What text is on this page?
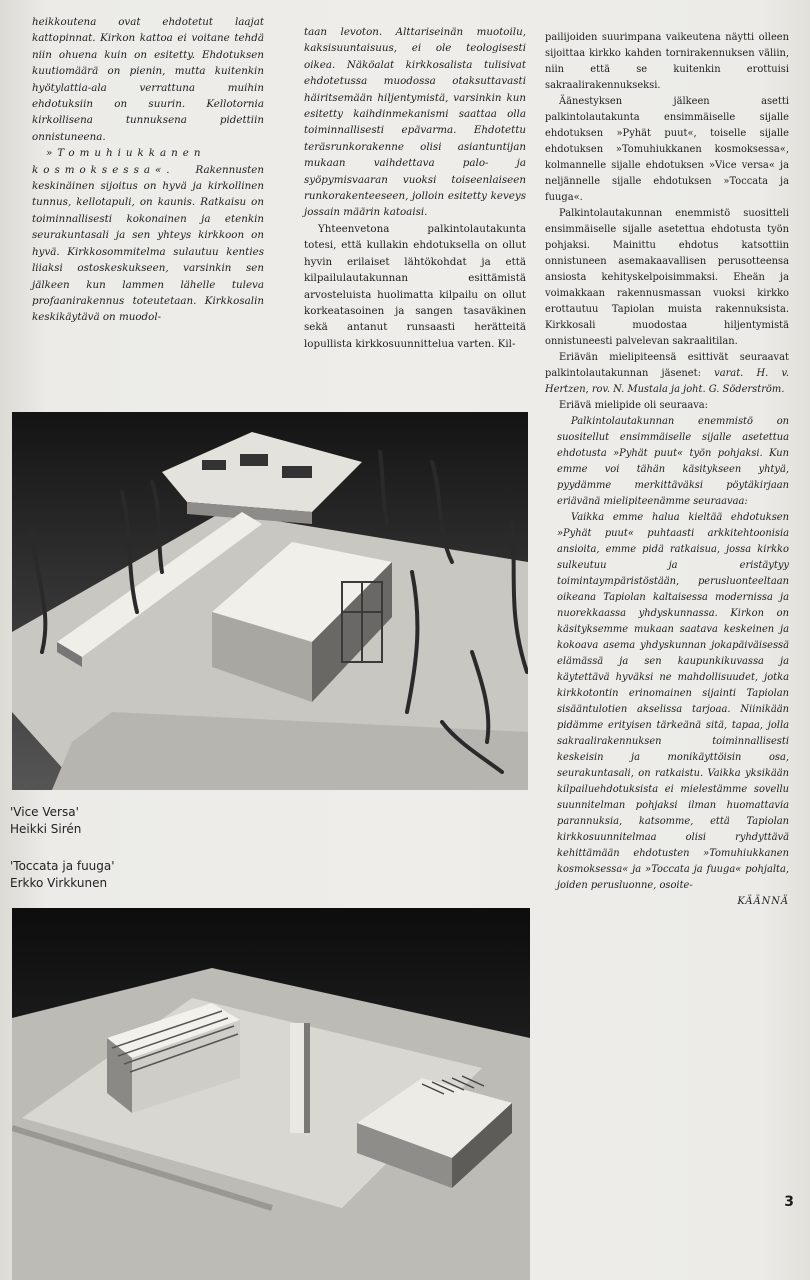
heikkoutena ovat ehdotetut laajat kattopinnat. Kirkon kattoa ei voitane tehdä niin ohuena kuin on esitetty. Ehdotuksen kuutiomäärä on pienin, mutta kuitenkin hyötylattia-ala verrattuna muihin ehdotuksiin on suurin. Kellotornia kirkollisena tunnuksena pidettiin onnistuneena.

»Tomuhiukkanen kosmoksessa«. Rakennusten keskinäinen sijoitus on hyvä ja kirkollinen tunnus, kellotapuli, on kaunis. Ratkaisu on toiminnallisesti kokonainen ja etenkin seurakuntasali ja sen yhteys kirkkoon on hyvä. Kirkkosommitelma sulautuu kenties liiaksi ostoskeskukseen, varsinkin sen jälkeen kun lammen lähelle tuleva profaanirakennus toteutetaan. Kirkkosalin keskikäytävä on muodol-

taan levoton. Alttariseinän muotoilu, kaksisuuntaisuus, ei ole teologisesti oikea. Näköalat kirkkosalista tulisivat ehdotetussa muodossa otaksuttavasti häiritsemään hiljentymistä, varsinkin kun esitetty kaihdinmekanismi saattaa olla toiminnallisesti epävarma. Ehdotettu teräsrunkorakenne olisi asiantuntijan mukaan vaihdettava palo- ja syöpymisvaaran vuoksi toiseenlaiseen runkorakenteeseen, jolloin esitetty keveys jossain määrin katoaisi.

Yhteenvetona palkintolautakunta totesi, että kullakin ehdotuksella on ollut hyvin erilaiset lähtökohdat ja että kilpailulautakunnan esittämistä arvosteluista huolimatta kilpailu on ollut korkeatasoinen ja sangen tasaväkinen sekä antanut runsaasti herätteitä lopullista kirkkosuunnittelua varten. Kil-

pailijoiden suurimpana vaikeutena näytti olleen sijoittaa kirkko kahden tornirakennuksen väliin, niin että se kuitenkin erottuisi sakraalirakennukseksi.

Äänestyksen jälkeen asetti palkintolautakunta ensimmäiselle sijalle ehdotuksen »Pyhät puut«, toiselle sijalle ehdotuksen »Tomuhiukkanen kosmoksessa«, kolmannelle sijalle ehdotuksen »Vice versa« ja neljännelle sijalle ehdotuksen »Toccata ja fuuga«.

Palkintolautakunnan enemmistö suositteli ensimmäiselle sijalle asetettua ehdotusta työn pohjaksi. Mainittu ehdotus katsottiin onnistuneen asemakaavallisen perusotteensa ansiosta kehityskelpoisimmaksi. Eheän ja voimakkaan rakennusmassan vuoksi kirkko erottautuu Tapiolan muista rakennuksista. Kirkkosali muodostaa hiljentymistä onnistuneesti palvelevan sakraalitilan.

Eriävän mielipiteensä esittivät seuraavat palkintolautakunnan jäsenet: varat. H. v. Hertzen, rov. N. Mustala ja joht. G. Söderström.

Eriävä mielipide oli seuraava:

Palkintolautakunnan enemmistö on suositellut ensimmäiselle sijalle asetettua ehdotusta »Pyhät puut« työn pohjaksi. Kun emme voi tähän käsitykseen yhtyä, pyydämme merkittäväksi pöytäkirjaan eriävänä mielipiteenämme seuraavaa:

Vaikka emme halua kieltää ehdotuksen »Pyhät puut« puhtaasti arkkitehtoonisia ansioita, emme pidä ratkaisua, jossa kirkko sulkeutuu ja eristäytyy toimintaympäristöstään, perusluonteeltaan oikeana Tapiolan kaltaisessa modernissa ja nuorekkaassa yhdyskunnassa. Kirkon on käsityksemme mukaan saatava keskeinen ja kokoava asema yhdyskunnan jokapäiväisessä elämässä ja sen kaupunkikuvassa ja käytettävä hyväksi ne mahdollisuudet, jotka kirkkotontin erinomainen sijainti Tapiolan sisääntulotien akselissa tarjoaa. Niinikään pidämme erityisen tärkeänä sitä, tapaa, jolla sakraalirakennuksen toiminnallisesti keskeisin ja monikäyttöisin osa, seurakuntasali, on ratkaistu. Vaikka yksikään kilpailuehdotuksista ei mielestämme sovellu suunnitelman pohjaksi ilman huomattavia parannuksia, katsomme, että Tapiolan kirkkosuunnitelmaa olisi ryhdyttävä kehittämään ehdotusten »Tomuhiukkanen kosmoksessa« ja »Toccata ja fuuga« pohjalta, joiden perusluonne, osoite-

KÄÄNNÄ

'Vice Versa'
Heikki Sirén
'Toccata ja fuuga'
Erkko Virkkunen
3
